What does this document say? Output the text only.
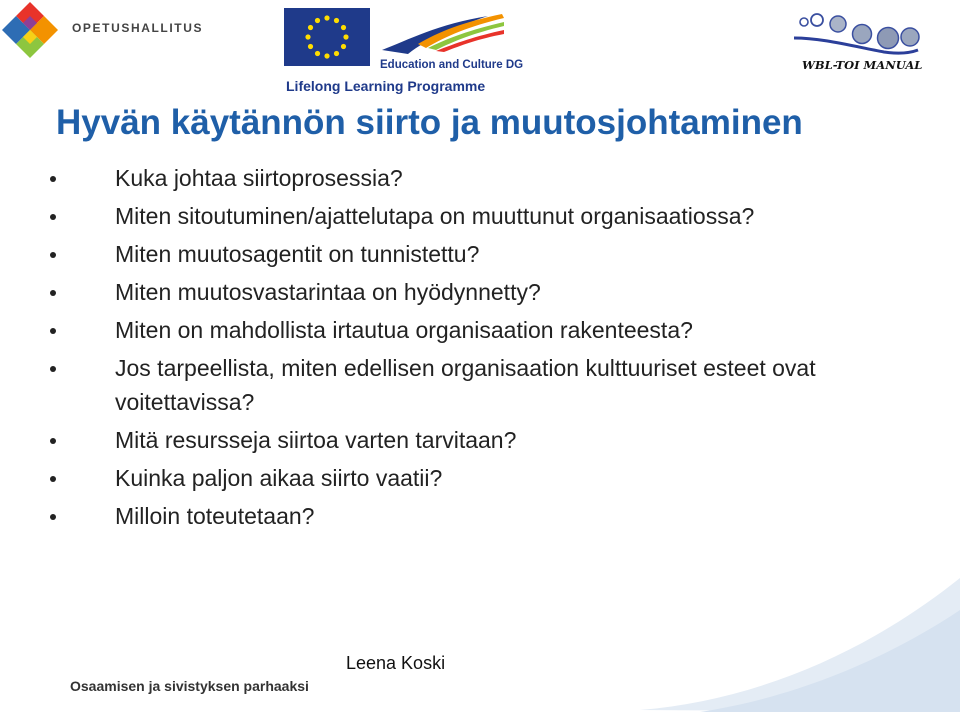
OPETUSHALLITUS
Education and Culture DG
Lifelong Learning Programme
WBL-TOI MANUAL
Hyvän käytännön siirto ja muutosjohtaminen
Kuka johtaa siirtoprosessia?
Miten sitoutuminen/ajattelutapa on muuttunut organisaatiossa?
Miten muutosagentit on tunnistettu?
Miten muutosvastarintaa on hyödynnetty?
Miten on mahdollista irtautua organisaation rakenteesta?
Jos tarpeellista, miten edellisen organisaation kulttuuriset esteet ovat voitettavissa?
Mitä resursseja siirtoa varten tarvitaan?
Kuinka paljon aikaa siirto vaatii?
Milloin toteutetaan?
Leena Koski
Osaamisen ja sivistyksen parhaaksi
